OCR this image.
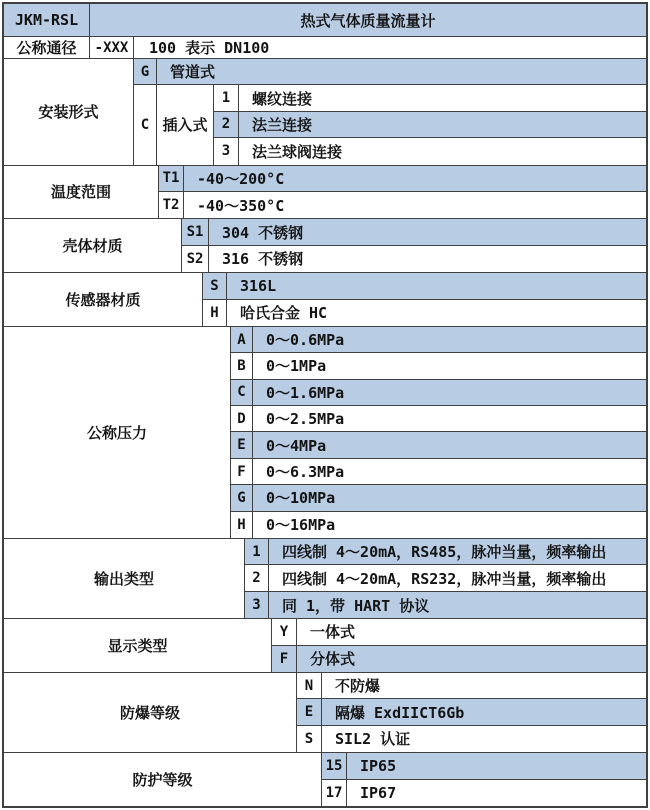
JKM-RSL	热式气体质量流量计
公称通径	-XXX	100 表示 DN100
安装形式
G	管道式
C 插入式
1	螺纹连接
2	法兰连接
3	法兰球阀连接
温度范围
T1	-40～200°C
T2	-40～350°C
壳体材质
S1	304 不锈钢
S2	316 不锈钢
传感器材质
S	316L
H	哈氏合金 HC
公称压力
A	0～0.6MPa
B	0～1MPa
C	0～1.6MPa
D	0～2.5MPa
E	0～4MPa
F	0～6.3MPa
G	0～10MPa
H	0～16MPa
输出类型
1	四线制 4～20mA，RS485，脉冲当量，频率输出
2	四线制 4～20mA，RS232，脉冲当量，频率输出
3	同 1，带 HART 协议
显示类型
Y	一体式
F	分体式
防爆等级
N	不防爆
E	隔爆 ExdIICT6Gb
S	SIL2 认证
防护等级
15	IP65
17	IP67
